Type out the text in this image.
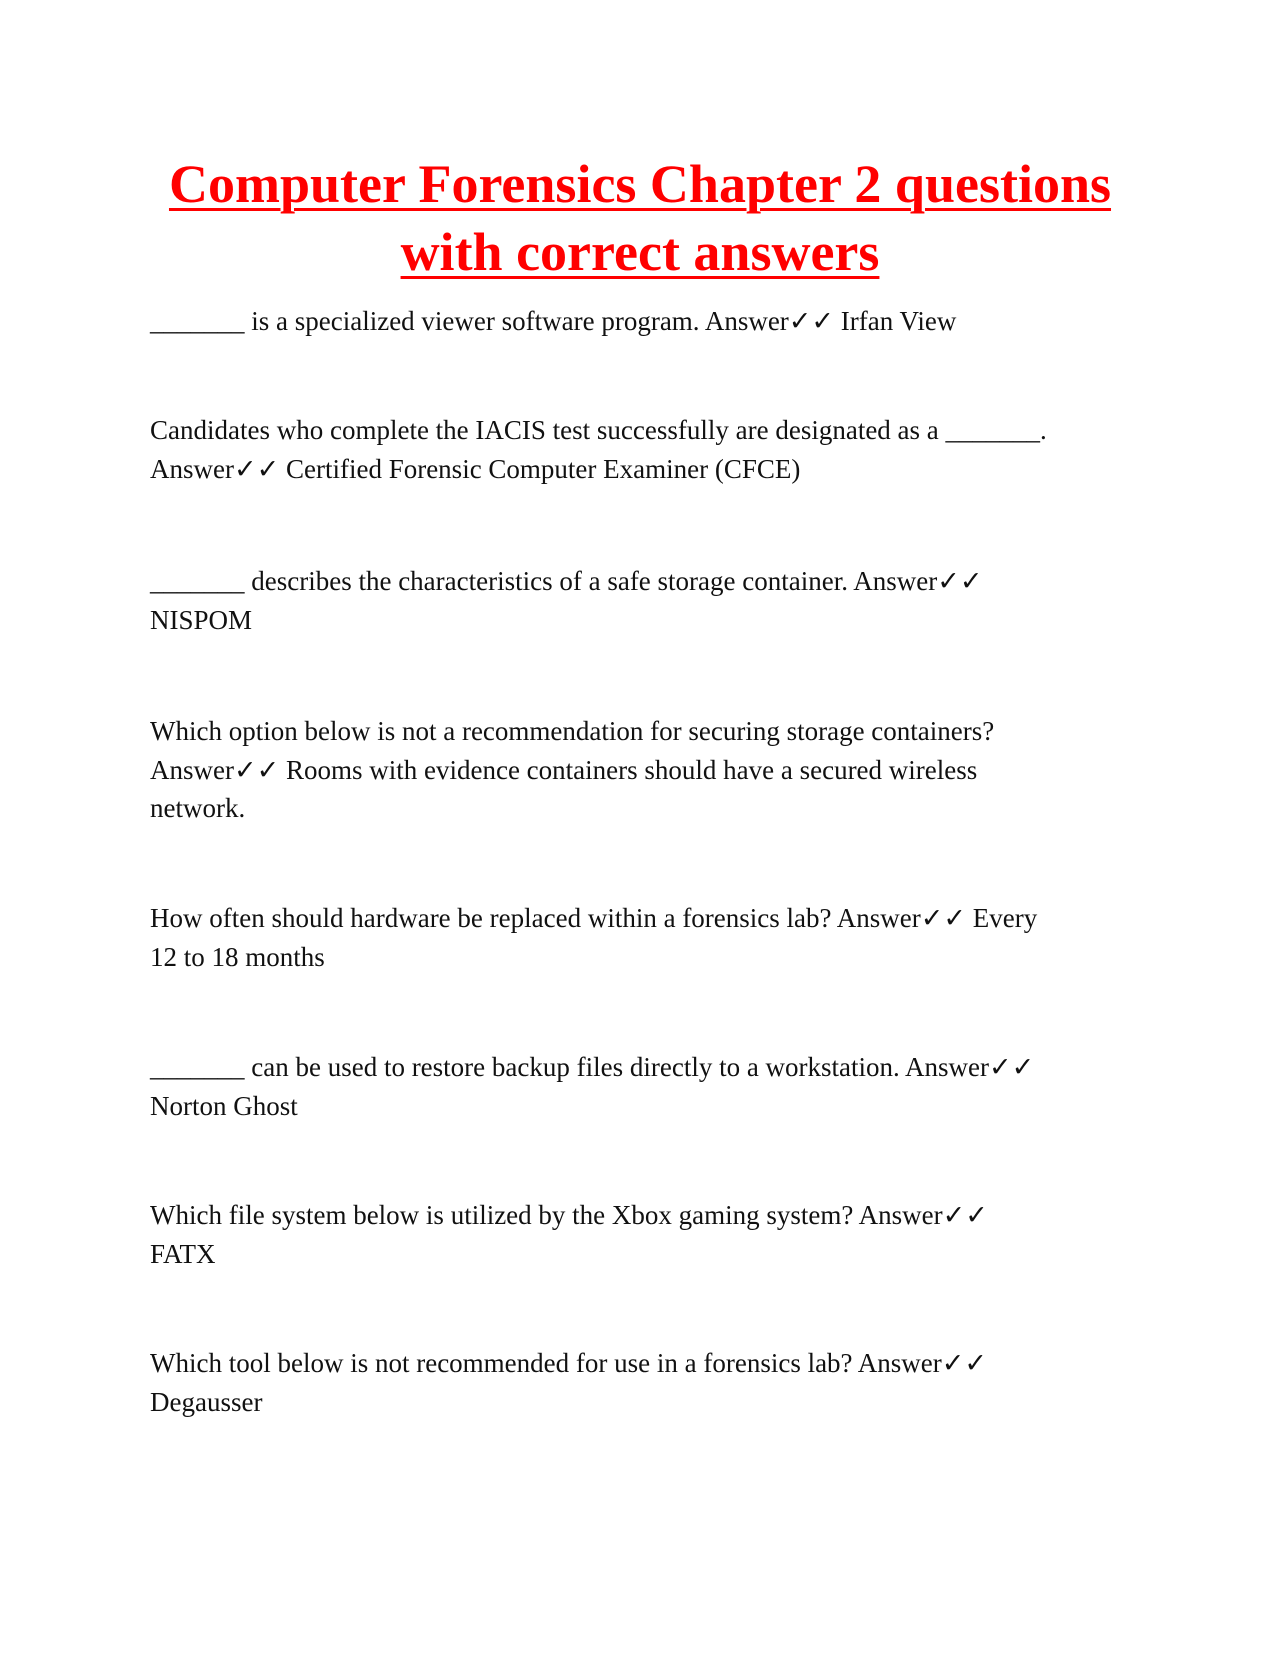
Computer Forensics Chapter 2 questions
with correct answers

_______ is a specialized viewer software program. Answer✓✓ Irfan View

Candidates who complete the IACIS test successfully are designated as a _______.
Answer✓✓ Certified Forensic Computer Examiner (CFCE)

_______ describes the characteristics of a safe storage container. Answer✓✓
NISPOM

Which option below is not a recommendation for securing storage containers?
Answer✓✓ Rooms with evidence containers should have a secured wireless
network.

How often should hardware be replaced within a forensics lab? Answer✓✓ Every
12 to 18 months

_______ can be used to restore backup files directly to a workstation. Answer✓✓
Norton Ghost

Which file system below is utilized by the Xbox gaming system? Answer✓✓
FATX

Which tool below is not recommended for use in a forensics lab? Answer✓✓
Degausser
